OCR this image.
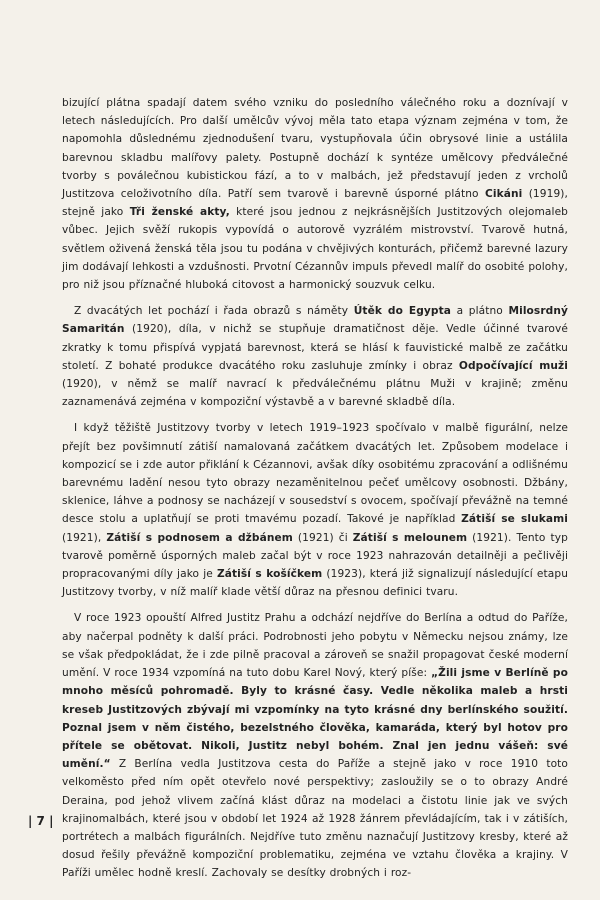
bizující plátna spadají datem svého vzniku do posledního válečného roku a doznívají v letech následujících. Pro další umělcův vývoj měla tato etapa význam zejména v tom, že napomohla důslednému zjednodušení tvaru, vystupňovala účin obrysové linie a ustálila barevnou skladbu malířovy palety. Postupně dochází k syntéze umělcovy předválečné tvorby s poválečnou kubistickou fází, a to v malbách, jež představují jeden z vrcholů Justitzova celoživotního díla. Patří sem tvarově i barevně úsporné plátno Cikáni (1919), stejně jako Tři ženské akty, které jsou jednou z nejkrásnějších Justitzových olejomaleb vůbec. Jejich svěží rukopis vypovídá o autorově vyzrálém mistrovství. Tvarově hutná, světlem oživená ženská těla jsou tu podána v chvějivých konturách, přičemž barevné lazury jim dodávají lehkosti a vzdušnosti. Prvotní Cézannův impuls převedl malíř do osobité polohy, pro niž jsou příznačné hluboká citovost a harmonický souzvuk celku.

Z dvacátých let pochází i řada obrazů s náměty Útěk do Egypta a plátno Milosrdný Samaritán (1920), díla, v nichž se stupňuje dramatičnost děje. Vedle účinné tvarové zkratky k tomu přispívá vypjatá barevnost, která se hlásí k fauvistické malbě ze začátku století. Z bohaté produkce dvacátého roku zasluhuje zmínky i obraz Odpočívající muži (1920), v němž se malíř navrací k předválečnému plátnu Muži v krajině; změnu zaznamenává zejména v kompoziční výstavbě a v barevné skladbě díla.

I když těžiště Justitzovy tvorby v letech 1919–1923 spočívalo v malbě figurální, nelze přejít bez povšimnutí zátiší namalovaná začátkem dvacátých let. Způsobem modelace i kompozicí se i zde autor přiklání k Cézannovi, avšak díky osobitému zpracování a odlišnému barevnému ladění nesou tyto obrazy nezaměnitelnou pečeť umělcovy osobnosti. Džbány, sklenice, láhve a podnosy se nacházejí v sousedství s ovocem, spočívají převážně na temné desce stolu a uplatňují se proti tmavému pozadí. Takové je například Zátiší se slukami (1921), Zátiší s podnosem a džbánem (1921) či Zátiší s melounem (1921). Tento typ tvarově poměrně úsporných maleb začal být v roce 1923 nahrazován detailněji a pečlivěji propracovanými díly jako je Zátiší s košíčkem (1923), která již signalizují následující etapu Justitzovy tvorby, v níž malíř klade větší důraz na přesnou definici tvaru.

V roce 1923 opouští Alfred Justitz Prahu a odchází nejdříve do Berlína a odtud do Paříže, aby načerpal podněty k další práci. Podrobnosti jeho pobytu v Německu nejsou známy, lze se však předpokládat, že i zde pilně pracoval a zároveň se snažil propagovat české moderní umění. V roce 1934 vzpomíná na tuto dobu Karel Nový, který píše: „Žili jsme v Berlíně po mnoho měsíců pohromadě. Byly to krásné časy. Vedle několika maleb a hrsti kreseb Justitzových zbývají mi vzpomínky na tyto krásné dny berlínského soužití. Poznal jsem v něm čistého, bezelstného člověka, kamaráda, který byl hotov pro přítele se obětovat. Nikoli, Justitz nebyl bohém. Znal jen jednu vášeň: své umění.“ Z Berlína vedla Justitzova cesta do Paříže a stejně jako v roce 1910 toto velkoměsto před ním opět otevřelo nové perspektivy; zasloužily se o to obrazy André Deraina, pod jehož vlivem začíná klást důraz na modelaci a čistotu linie jak ve svých krajinomalbách, které jsou v období let 1924 až 1928 žánrem převládajícím, tak i v zátiších, portrétech a malbách figurálních. Nejdříve tuto změnu naznačují Justitzovy kresby, které až dosud řešily převážně kompoziční problematiku, zejména ve vztahu člověka a krajiny. V Paříži umělec hodně kreslí. Zachovaly se desítky drobných i roz-

| 7 |
